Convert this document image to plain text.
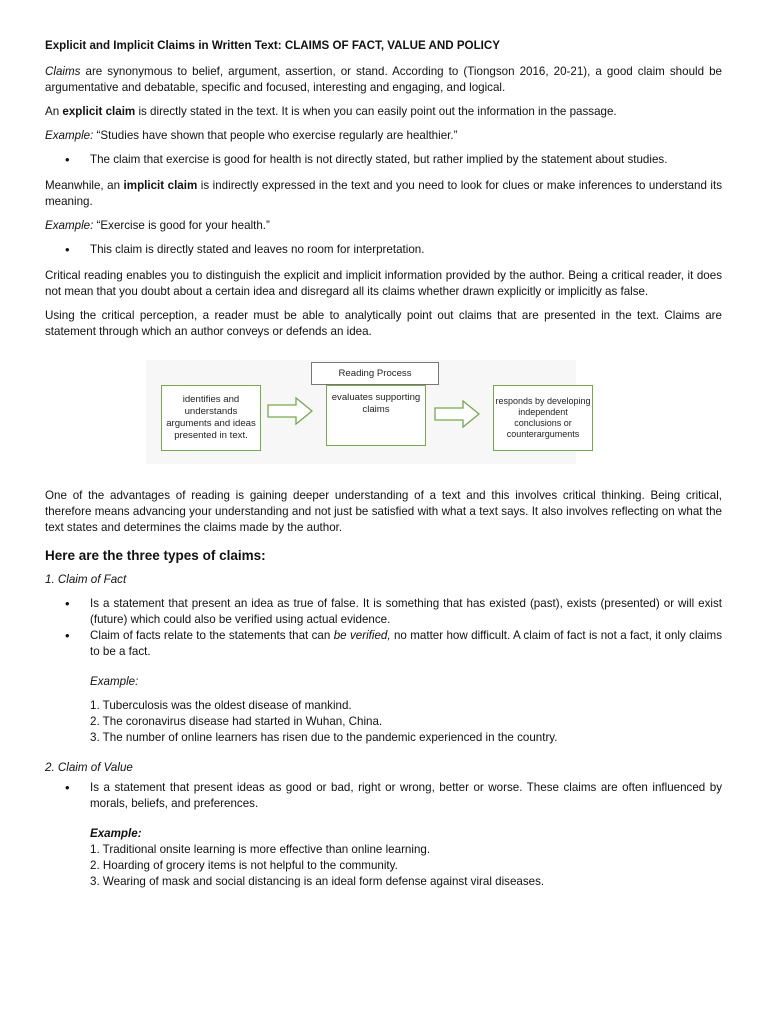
Explicit and Implicit Claims in Written Text: CLAIMS OF FACT, VALUE AND POLICY

Claims are synonymous to belief, argument, assertion, or stand. According to (Tiongson 2016, 20-21), a good claim should be argumentative and debatable, specific and focused, interesting and engaging, and logical.

An explicit claim is directly stated in the text. It is when you can easily point out the information in the passage.

Example: “Studies have shown that people who exercise regularly are healthier.”

• The claim that exercise is good for health is not directly stated, but rather implied by the statement about studies.

Meanwhile, an implicit claim is indirectly expressed in the text and you need to look for clues or make inferences to understand its meaning.

Example: “Exercise is good for your health.”

• This claim is directly stated and leaves no room for interpretation.

Critical reading enables you to distinguish the explicit and implicit information provided by the author. Being a critical reader, it does not mean that you doubt about a certain idea and disregard all its claims whether drawn explicitly or implicitly as false.

Using the critical perception, a reader must be able to analytically point out claims that are presented in the text. Claims are statement through which an author conveys or defends an idea.

Reading Process
identifies and understands arguments and ideas presented in text.
evaluates supporting claims
responds by developing independent conclusions or counterarguments

One of the advantages of reading is gaining deeper understanding of a text and this involves critical thinking. Being critical, therefore means advancing your understanding and not just be satisfied with what a text says. It also involves reflecting on what the text states and determines the claims made by the author.

Here are the three types of claims:
1. Claim of Fact
• Is a statement that present an idea as true of false. It is something that has existed (past), exists (presented) or will exist (future) which could also be verified using actual evidence.
• Claim of facts relate to the statements that can be verified, no matter how difficult. A claim of fact is not a fact, it only claims to be a fact.
Example:
1. Tuberculosis was the oldest disease of mankind.
2. The coronavirus disease had started in Wuhan, China.
3. The number of online learners has risen due to the pandemic experienced in the country.
2. Claim of Value
• Is a statement that present ideas as good or bad, right or wrong, better or worse. These claims are often influenced by morals, beliefs, and preferences.
Example:
1. Traditional onsite learning is more effective than online learning.
2. Hoarding of grocery items is not helpful to the community.
3. Wearing of mask and social distancing is an ideal form defense against viral diseases.
